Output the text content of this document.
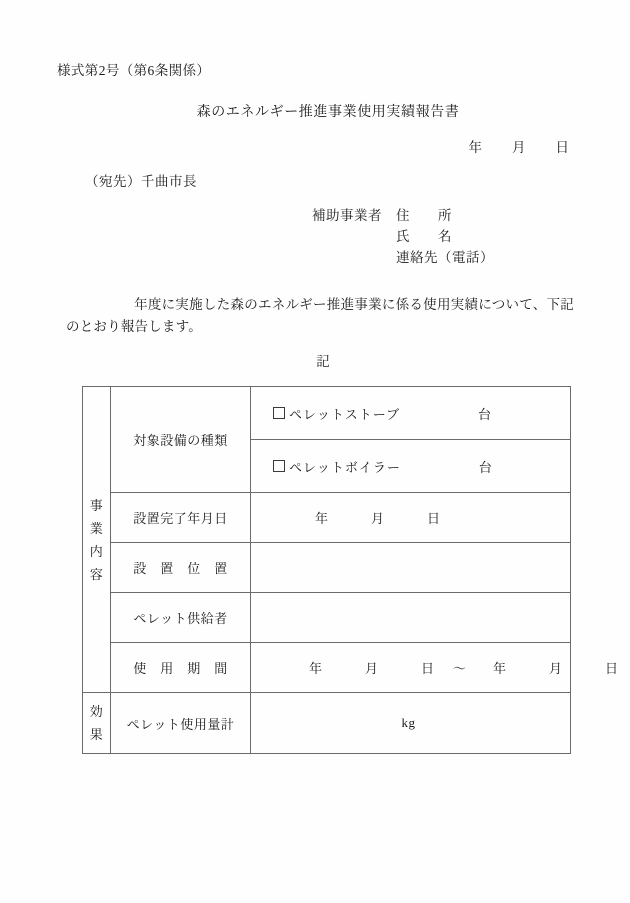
様式第2号（第6条関係）
森のエネルギー推進事業使用実績報告書
年　　月　　日
（宛先）千曲市長
補助事業者	住　　所
氏　　名
連絡先（電話）
年度に実施した森のエネルギー推進事業に係る使用実績について、下記のとおり報告します。
記
事
業
内
容	対象設備の種類	ペレットストーブ 台

		ペレットボイラー 台

	設置完了年月日	年　　　月　　　日
	設　置　位　置	
	ペレット供給者	
	使　用　期　間	年　　　月　　　日 ～ 年　　　月　　　日

効
果	ペレット使用量計	kg
